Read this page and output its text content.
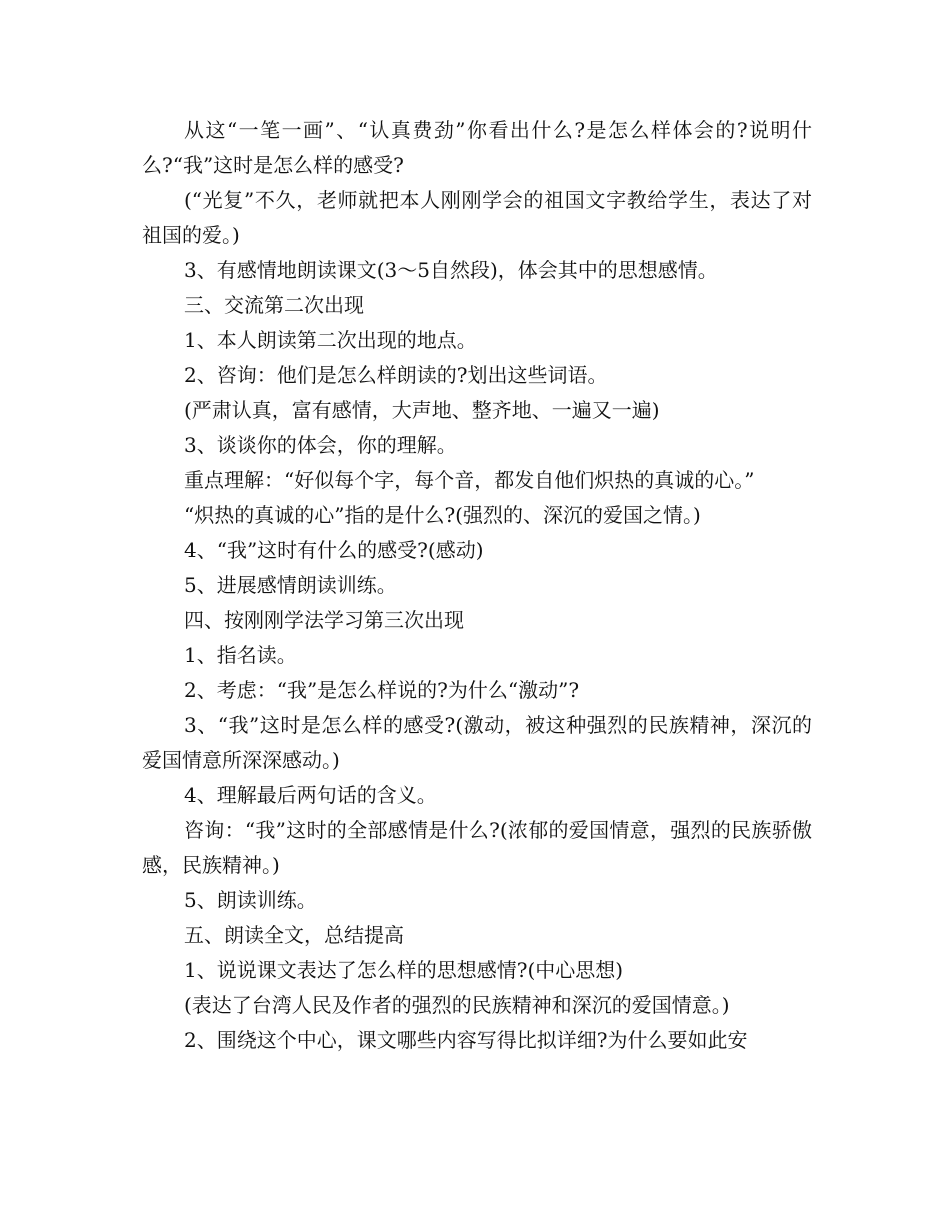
从这“一笔一画”、“认真费劲”你看出什么?是怎么样体会的?说明什么?“我”这时是怎么样的感受?

(“光复”不久，老师就把本人刚刚学会的祖国文字教给学生，表达了对祖国的爱。)

3、有感情地朗读课文(3～5自然段)，体会其中的思想感情。

三、交流第二次出现

1、本人朗读第二次出现的地点。

2、咨询：他们是怎么样朗读的?划出这些词语。

(严肃认真，富有感情，大声地、整齐地、一遍又一遍)

3、谈谈你的体会，你的理解。

重点理解：“好似每个字，每个音，都发自他们炽热的真诚的心。”

“炽热的真诚的心”指的是什么?(强烈的、深沉的爱国之情。)

4、“我”这时有什么的感受?(感动)

5、进展感情朗读训练。

四、按刚刚学法学习第三次出现

1、指名读。

2、考虑：“我”是怎么样说的?为什么“激动”?

3、“我”这时是怎么样的感受?(激动，被这种强烈的民族精神，深沉的爱国情意所深深感动。)

4、理解最后两句话的含义。

咨询：“我”这时的全部感情是什么?(浓郁的爱国情意，强烈的民族骄傲感，民族精神。)

5、朗读训练。

五、朗读全文，总结提高

1、说说课文表达了怎么样的思想感情?(中心思想)

(表达了台湾人民及作者的强烈的民族精神和深沉的爱国情意。)

2、围绕这个中心，课文哪些内容写得比拟详细?为什么要如此安
